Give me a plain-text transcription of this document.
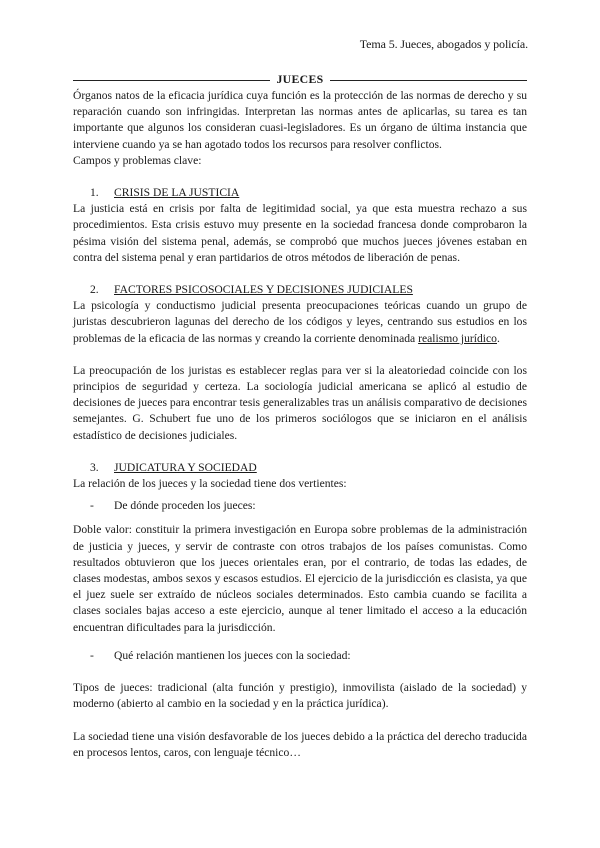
Tema 5. Jueces, abogados y policía.
JUECES

Órganos natos de la eficacia jurídica cuya función es la protección de las normas de derecho y su reparación cuando son infringidas. Interpretan las normas antes de aplicarlas, su tarea es tan importante que algunos los consideran cuasi-legisladores. Es un órgano de última instancia que interviene cuando ya se han agotado todos los recursos para resolver conflictos.

Campos y problemas clave:

1.	CRISIS DE LA JUSTICIA

La justicia está en crisis por falta de legitimidad social, ya que esta muestra rechazo a sus procedimientos. Esta crisis estuvo muy presente en la sociedad francesa donde comprobaron la pésima visión del sistema penal, además, se comprobó que muchos jueces jóvenes estaban en contra del sistema penal y eran partidarios de otros métodos de liberación de penas.

2.	FACTORES PSICOSOCIALES Y DECISIONES JUDICIALES

La psicología y conductismo judicial presenta preocupaciones teóricas cuando un grupo de juristas descubrieron lagunas del derecho de los códigos y leyes, centrando sus estudios en los problemas de la eficacia de las normas y creando la corriente denominada realismo jurídico.

La preocupación de los juristas es establecer reglas para ver si la aleatoriedad coincide con los principios de seguridad y certeza. La sociología judicial americana se aplicó al estudio de decisiones de jueces para encontrar tesis generalizables tras un análisis comparativo de decisiones semejantes. G. Schubert fue uno de los primeros sociólogos que se iniciaron en el análisis estadístico de decisiones judiciales.

3.	JUDICATURA Y SOCIEDAD

La relación de los jueces y la sociedad tiene dos vertientes:

-	De dónde proceden los jueces:

Doble valor: constituir la primera investigación en Europa sobre problemas de la administración de justicia y jueces, y servir de contraste con otros trabajos de los países comunistas. Como resultados obtuvieron que los jueces orientales eran, por el contrario, de todas las edades, de clases modestas, ambos sexos y escasos estudios. El ejercicio de la jurisdicción es clasista, ya que el juez suele ser extraído de núcleos sociales determinados. Esto cambia cuando se facilita a clases sociales bajas acceso a este ejercicio, aunque al tener limitado el acceso a la educación encuentran dificultades para la jurisdicción.

-	Qué relación mantienen los jueces con la sociedad:

Tipos de jueces: tradicional (alta función y prestigio), inmovilista (aislado de la sociedad) y moderno (abierto al cambio en la sociedad y en la práctica jurídica).

La sociedad tiene una visión desfavorable de los jueces debido a la práctica del derecho traducida en procesos lentos, caros, con lenguaje técnico…
